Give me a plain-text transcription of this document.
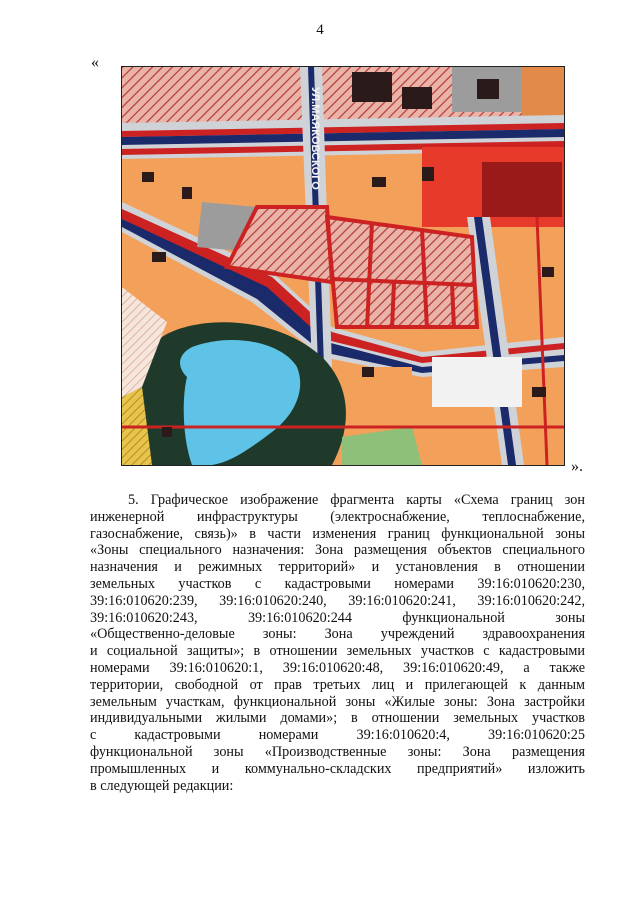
4
«
УЛ.МАЯКОВСКОГО
».
5. Графическое изображение фрагмента карты «Схема границ зон
инженерной инфраструктуры (электроснабжение, теплоснабжение,
газоснабжение, связь)» в части изменения границ функциональной зоны
«Зоны специального назначения: Зона размещения объектов специального
назначения и режимных территорий» и установления в отношении
земельных участков с кадастровыми номерами 39:16:010620:230,
39:16:010620:239, 39:16:010620:240, 39:16:010620:241, 39:16:010620:242,
39:16:010620:243, 39:16:010620:244 функциональной зоны
«Общественно-деловые зоны: Зона учреждений здравоохранения
и социальной защиты»; в отношении земельных участков с кадастровыми
номерами 39:16:010620:1, 39:16:010620:48, 39:16:010620:49, а также
территории, свободной от прав третьих лиц и прилегающей к данным
земельным участкам, функциональной зоны «Жилые зоны: Зона застройки
индивидуальными жилыми домами»; в отношении земельных участков
с кадастровыми номерами 39:16:010620:4, 39:16:010620:25
функциональной зоны «Производственные зоны: Зона размещения
промышленных и коммунально-складских предприятий» изложить
в следующей редакции:
